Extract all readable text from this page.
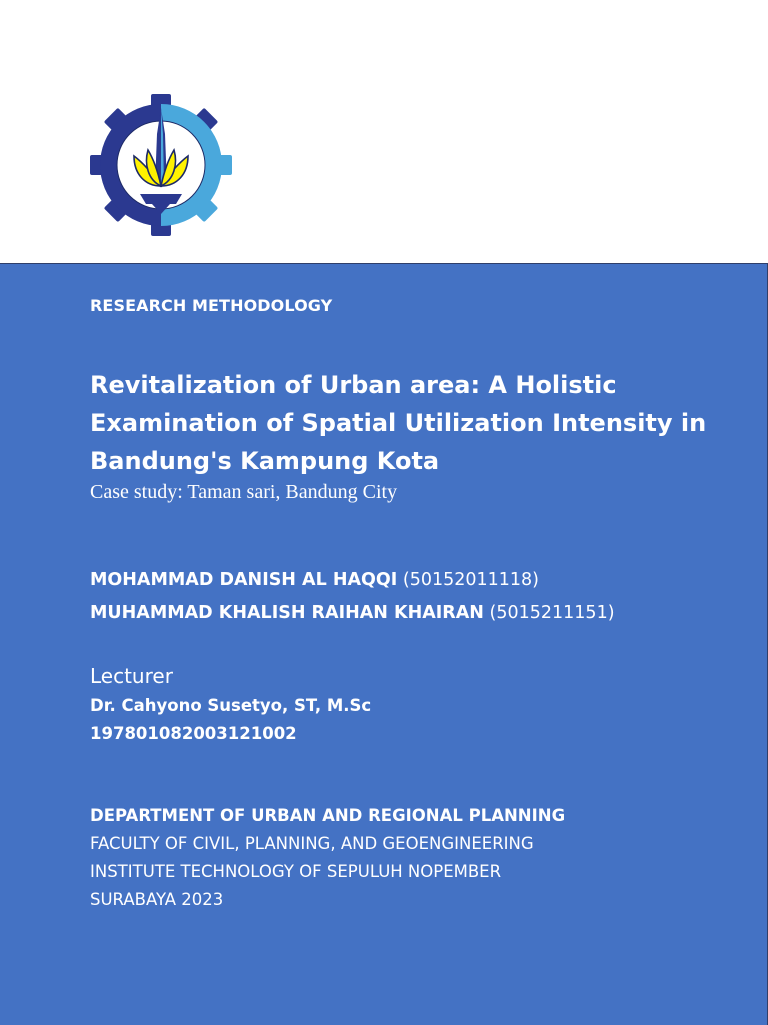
RESEARCH METHODOLOGY
Revitalization of Urban area: A Holistic
Examination of Spatial Utilization Intensity in
Bandung's Kampung Kota
Case study: Taman sari, Bandung City
MOHAMMAD DANISH AL HAQQI (50152011118)
MUHAMMAD KHALISH RAIHAN KHAIRAN (5015211151)
Lecturer
Dr. Cahyono Susetyo, ST, M.Sc
197801082003121002
DEPARTMENT OF URBAN AND REGIONAL PLANNING
FACULTY OF CIVIL, PLANNING, AND GEOENGINEERING
INSTITUTE TECHNOLOGY OF SEPULUH NOPEMBER
SURABAYA 2023
